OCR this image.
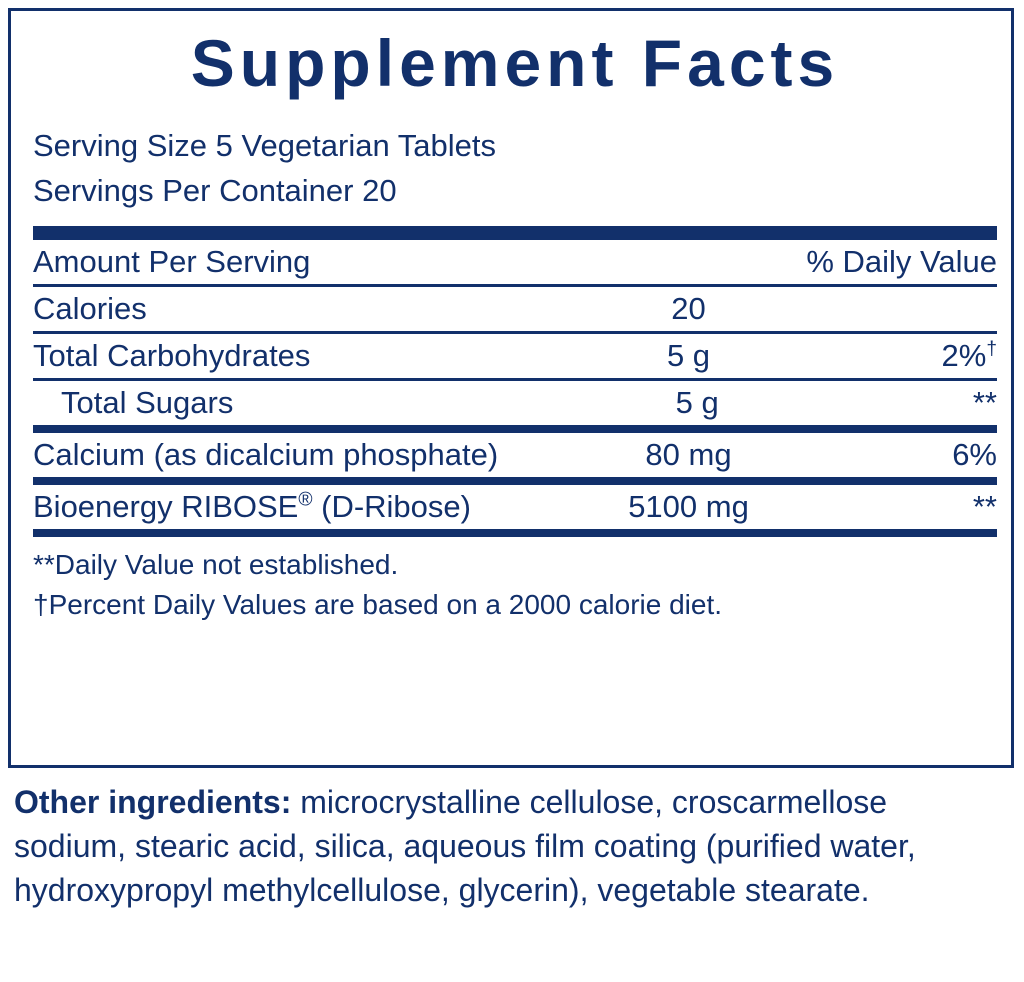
Supplement Facts
Serving Size 5 Vegetarian Tablets
Servings Per Container 20
Amount Per Serving		% Daily Value
Calories	20	
Total Carbohydrates	5 g	2%†
Total Sugars	5 g	**
Calcium (as dicalcium phosphate)	80 mg	6%
Bioenergy RIBOSE® (D-Ribose)	5100 mg	**
**Daily Value not established.
†Percent Daily Values are based on a 2000 calorie diet.
Other ingredients: microcrystalline cellulose, croscarmellose sodium, stearic acid, silica, aqueous film coating (purified water, hydroxypropyl methylcellulose, glycerin), vegetable stearate.
